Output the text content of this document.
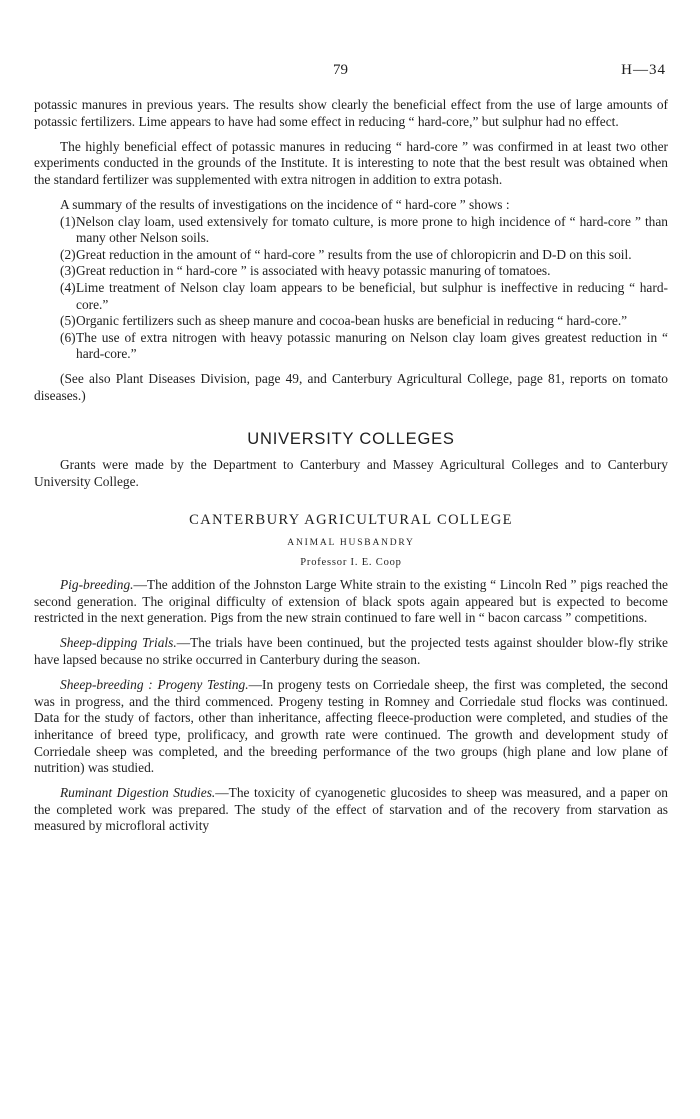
79	H—34

potassic manures in previous years. The results show clearly the beneficial effect from the use of large amounts of potassic fertilizers. Lime appears to have had some effect in reducing “ hard-core,” but sulphur had no effect.

The highly beneficial effect of potassic manures in reducing “ hard-core ” was confirmed in at least two other experiments conducted in the grounds of the Institute. It is interesting to note that the best result was obtained when the standard fertilizer was supplemented with extra nitrogen in addition to extra potash.

A summary of the results of investigations on the incidence of “ hard-core ” shows :

(1) Nelson clay loam, used extensively for tomato culture, is more prone to high incidence of “ hard-core ” than many other Nelson soils.
(2) Great reduction in the amount of “ hard-core ” results from the use of chloropicrin and D-D on this soil.
(3) Great reduction in “ hard-core ” is associated with heavy potassic manuring of tomatoes.
(4) Lime treatment of Nelson clay loam appears to be beneficial, but sulphur is ineffective in reducing “ hard-core.”
(5) Organic fertilizers such as sheep manure and cocoa-bean husks are beneficial in reducing “ hard-core.”
(6) The use of extra nitrogen with heavy potassic manuring on Nelson clay loam gives greatest reduction in “ hard-core.”

(See also Plant Diseases Division, page 49, and Canterbury Agricultural College, page 81, reports on tomato diseases.)

UNIVERSITY COLLEGES

Grants were made by the Department to Canterbury and Massey Agricultural Colleges and to Canterbury University College.

CANTERBURY AGRICULTURAL COLLEGE
ANIMAL HUSBANDRY
Professor I. E. Coop

Pig-breeding.—The addition of the Johnston Large White strain to the existing “ Lincoln Red ” pigs reached the second generation. The original difficulty of extension of black spots again appeared but is expected to become restricted in the next generation. Pigs from the new strain continued to fare well in “ bacon carcass ” competitions.

Sheep-dipping Trials.—The trials have been continued, but the projected tests against shoulder blow-fly strike have lapsed because no strike occurred in Canterbury during the season.

Sheep-breeding : Progeny Testing.—In progeny tests on Corriedale sheep, the first was completed, the second was in progress, and the third commenced. Progeny testing in Romney and Corriedale stud flocks was continued. Data for the study of factors, other than inheritance, affecting fleece-production were completed, and studies of the inheritance of breed type, prolificacy, and growth rate were continued. The growth and development study of Corriedale sheep was completed, and the breeding performance of the two groups (high plane and low plane of nutrition) was studied.

Ruminant Digestion Studies.—The toxicity of cyanogenetic glucosides to sheep was measured, and a paper on the completed work was prepared. The study of the effect of starvation and of the recovery from starvation as measured by microfloral activity
